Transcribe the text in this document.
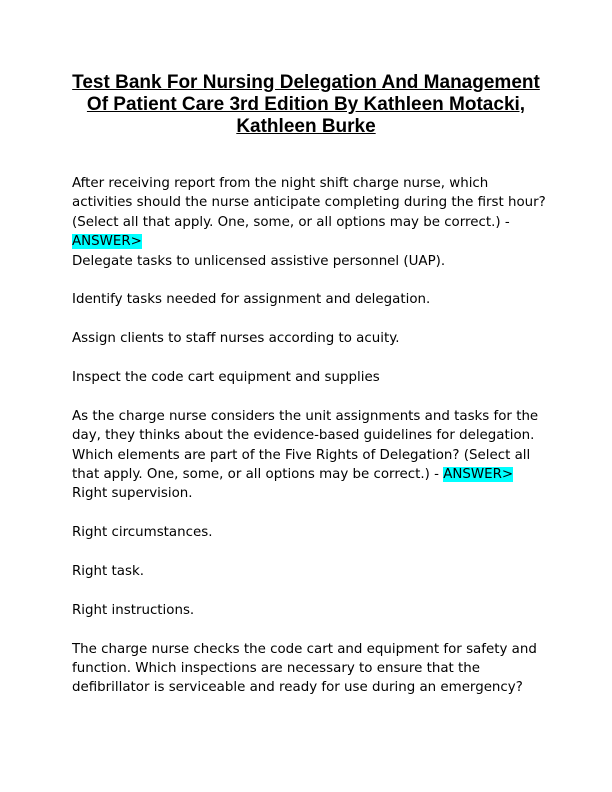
Test Bank For Nursing Delegation And Management Of Patient Care 3rd Edition By Kathleen Motacki, Kathleen Burke

After receiving report from the night shift charge nurse, which activities should the nurse anticipate completing during the first hour? (Select all that apply. One, some, or all options may be correct.) - ANSWER>
Delegate tasks to unlicensed assistive personnel (UAP).

Identify tasks needed for assignment and delegation.

Assign clients to staff nurses according to acuity.

Inspect the code cart equipment and supplies

As the charge nurse considers the unit assignments and tasks for the day, they thinks about the evidence-based guidelines for delegation. Which elements are part of the Five Rights of Delegation? (Select all that apply. One, some, or all options may be correct.) - ANSWER> Right supervision.

Right circumstances.

Right task.

Right instructions.

The charge nurse checks the code cart and equipment for safety and function. Which inspections are necessary to ensure that the defibrillator is serviceable and ready for use during an emergency?
